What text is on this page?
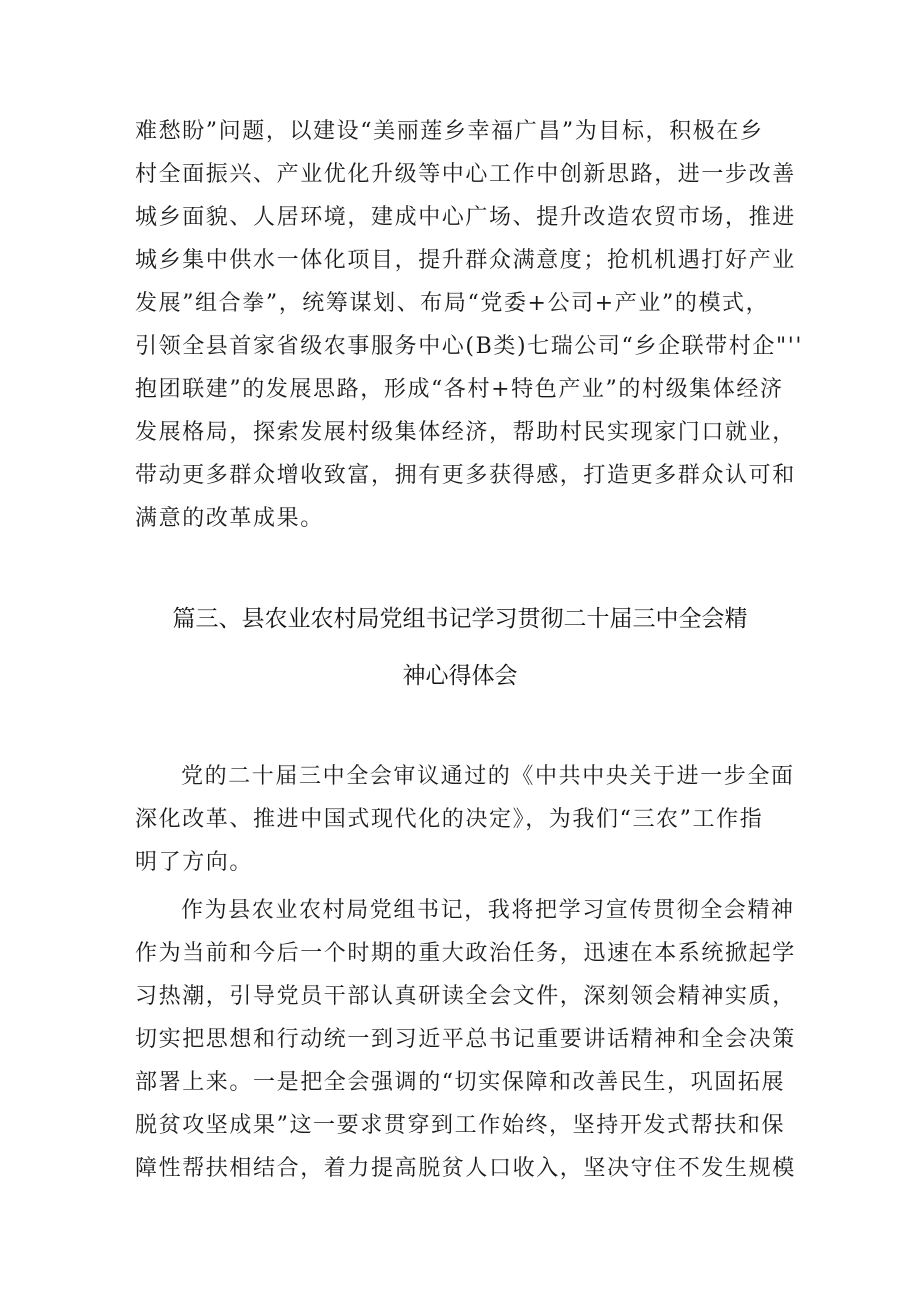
难愁盼”问题，以建设“美丽莲乡幸福广昌”为目标，积极在乡
村全面振兴、产业优化升级等中心工作中创新思路，进一步改善
城乡面貌、人居环境，建成中心广场、提升改造农贸市场，推进
城乡集中供水一体化项目，提升群众满意度；抢机机遇打好产业
发展”组合拳”，统筹谋划、布局“党委+公司+产业”的模式，
引领全县首家省级农事服务中心(B类)七瑞公司“乡企联带村企"''
抱团联建”的发展思路，形成“各村+特色产业”的村级集体经济
发展格局，探索发展村级集体经济，帮助村民实现家门口就业，
带动更多群众增收致富，拥有更多获得感，打造更多群众认可和
满意的改革成果。
篇三、县农业农村局党组书记学习贯彻二十届三中全会精
神心得体会
党的二十届三中全会审议通过的《中共中央关于进一步全面
深化改革、推进中国式现代化的决定》，为我们“三农”工作指
明了方向。
作为县农业农村局党组书记，我将把学习宣传贯彻全会精神
作为当前和今后一个时期的重大政治任务，迅速在本系统掀起学
习热潮，引导党员干部认真研读全会文件，深刻领会精神实质，
切实把思想和行动统一到习近平总书记重要讲话精神和全会决策
部署上来。一是把全会强调的“切实保障和改善民生，巩固拓展
脱贫攻坚成果”这一要求贯穿到工作始终，坚持开发式帮扶和保
障性帮扶相结合，着力提高脱贫人口收入，坚决守住不发生规模
